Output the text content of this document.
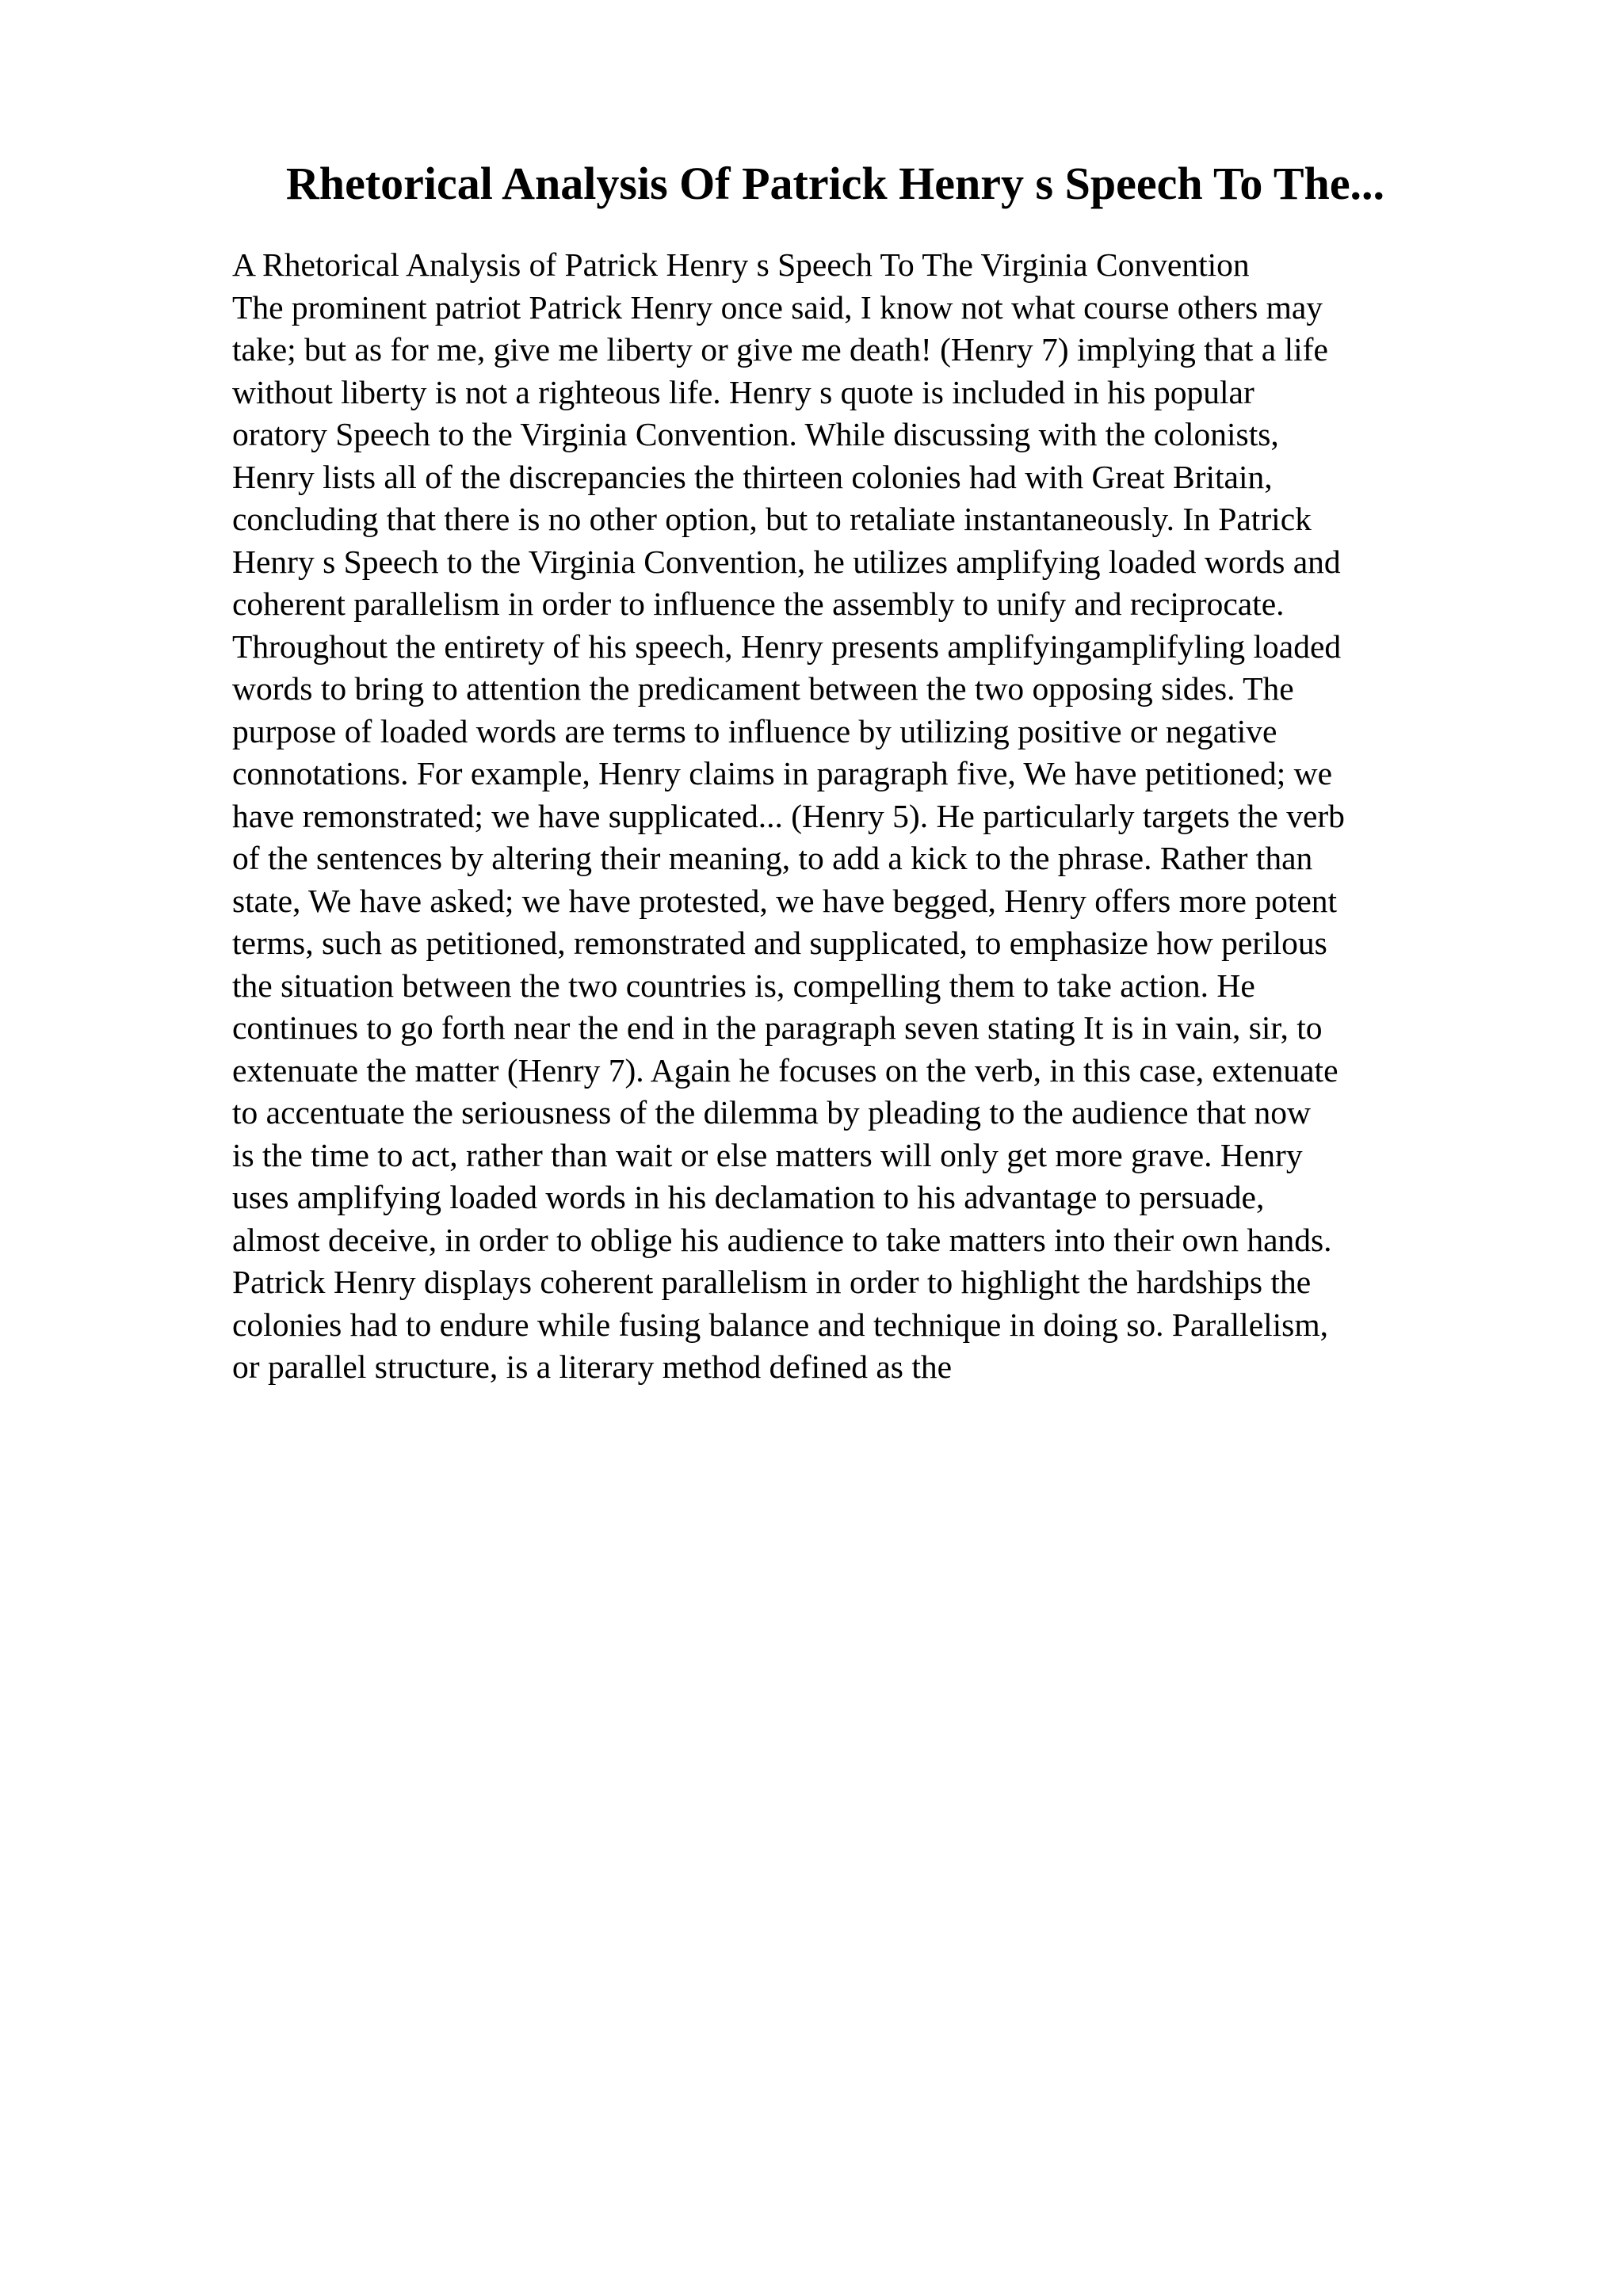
Rhetorical Analysis Of Patrick Henry s Speech To The...
A Rhetorical Analysis of Patrick Henry s Speech To The Virginia Convention
The prominent patriot Patrick Henry once said, I know not what course others may
take; but as for me, give me liberty or give me death! (Henry 7) implying that a life
without liberty is not a righteous life. Henry s quote is included in his popular
oratory Speech to the Virginia Convention. While discussing with the colonists,
Henry lists all of the discrepancies the thirteen colonies had with Great Britain,
concluding that there is no other option, but to retaliate instantaneously. In Patrick
Henry s Speech to the Virginia Convention, he utilizes amplifying loaded words and
coherent parallelism in order to influence the assembly to unify and reciprocate.
Throughout the entirety of his speech, Henry presents amplifyingamplifyling loaded
words to bring to attention the predicament between the two opposing sides. The
purpose of loaded words are terms to influence by utilizing positive or negative
connotations. For example, Henry claims in paragraph five, We have petitioned; we
have remonstrated; we have supplicated... (Henry 5). He particularly targets the verb
of the sentences by altering their meaning, to add a kick to the phrase. Rather than
state, We have asked; we have protested, we have begged, Henry offers more potent
terms, such as petitioned, remonstrated and supplicated, to emphasize how perilous
the situation between the two countries is, compelling them to take action. He
continues to go forth near the end in the paragraph seven stating It is in vain, sir, to
extenuate the matter (Henry 7). Again he focuses on the verb, in this case, extenuate
to accentuate the seriousness of the dilemma by pleading to the audience that now
is the time to act, rather than wait or else matters will only get more grave. Henry
uses amplifying loaded words in his declamation to his advantage to persuade,
almost deceive, in order to oblige his audience to take matters into their own hands.
Patrick Henry displays coherent parallelism in order to highlight the hardships the
colonies had to endure while fusing balance and technique in doing so. Parallelism,
or parallel structure, is a literary method defined as the
